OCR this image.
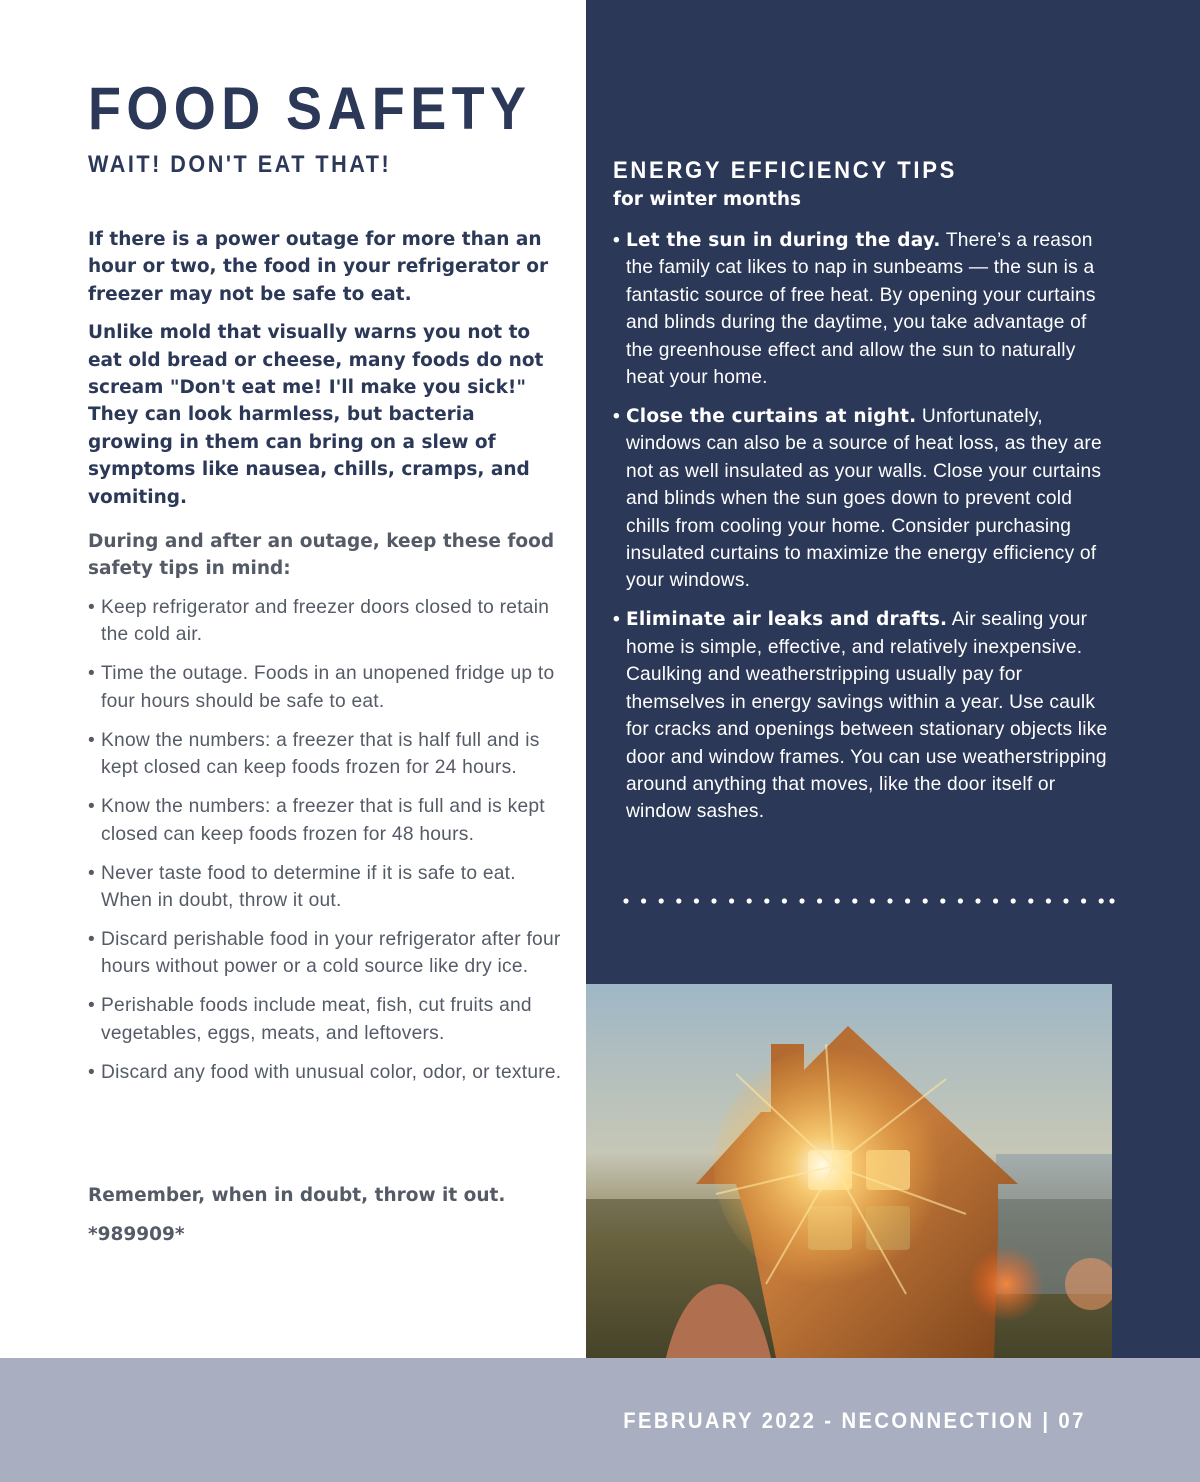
FOOD SAFETY
WAIT! DON'T EAT THAT!

If there is a power outage for more than an hour or two, the food in your refrigerator or freezer may not be safe to eat.

Unlike mold that visually warns you not to eat old bread or cheese, many foods do not scream "Don't eat me! I'll make you sick!" They can look harmless, but bacteria growing in them can bring on a slew of symptoms like nausea, chills, cramps, and vomiting.

During and after an outage, keep these food safety tips in mind:

• Keep refrigerator and freezer doors closed to retain the cold air.
• Time the outage. Foods in an unopened fridge up to four hours should be safe to eat.
• Know the numbers: a freezer that is half full and is kept closed can keep foods frozen for 24 hours.
• Know the numbers: a freezer that is full and is kept closed can keep foods frozen for 48 hours.
• Never taste food to determine if it is safe to eat. When in doubt, throw it out.
• Discard perishable food in your refrigerator after four hours without power or a cold source like dry ice.
• Perishable foods include meat, fish, cut fruits and vegetables, eggs, meats, and leftovers.
• Discard any food with unusual color, odor, or texture.

Remember, when in doubt, throw it out.

*989909*

ENERGY EFFICIENCY TIPS

for winter months

• Let the sun in during the day. There’s a reason the family cat likes to nap in sunbeams — the sun is a fantastic source of free heat. By opening your curtains and blinds during the daytime, you take advantage of the greenhouse effect and allow the sun to naturally heat your home.
• Close the curtains at night. Unfortunately, windows can also be a source of heat loss, as they are not as well insulated as your walls. Close your curtains and blinds when the sun goes down to prevent cold chills from cooling your home. Consider purchasing insulated curtains to maximize the energy efficiency of your windows.
• Eliminate air leaks and drafts. Air sealing your home is simple, effective, and relatively inexpensive. Caulking and weatherstripping usually pay for themselves in energy savings within a year. Use caulk for cracks and openings between stationary objects like door and window frames. You can use weatherstripping around anything that moves, like the door itself or window sashes.
FEBRUARY 2022 - NECONNECTION | 07
